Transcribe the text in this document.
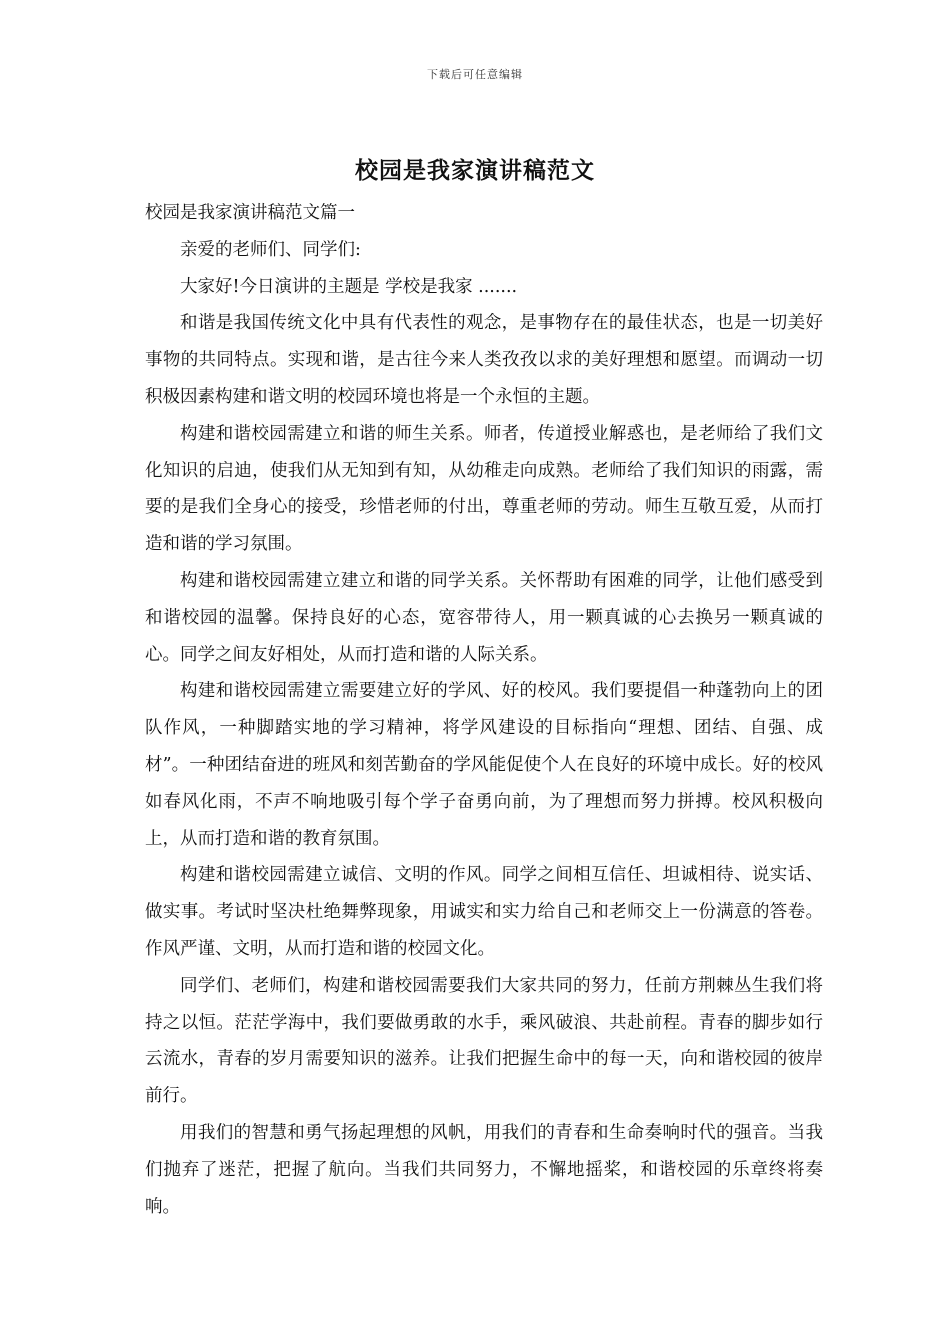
下载后可任意编辑
校园是我家演讲稿范文

校园是我家演讲稿范文篇一

亲爱的老师们、同学们:

大家好!今日演讲的主题是 学校是我家 .......

和谐是我国传统文化中具有代表性的观念，是事物存在的最佳状态，也是一切美好事物的共同特点。实现和谐，是古往今来人类孜孜以求的美好理想和愿望。而调动一切积极因素构建和谐文明的校园环境也将是一个永恒的主题。

构建和谐校园需建立和谐的师生关系。师者，传道授业解惑也，是老师给了我们文化知识的启迪，使我们从无知到有知，从幼稚走向成熟。老师给了我们知识的雨露，需要的是我们全身心的接受，珍惜老师的付出，尊重老师的劳动。师生互敬互爱，从而打造和谐的学习氛围。

构建和谐校园需建立建立和谐的同学关系。关怀帮助有困难的同学，让他们感受到和谐校园的温馨。保持良好的心态，宽容带待人，用一颗真诚的心去换另一颗真诚的心。同学之间友好相处，从而打造和谐的人际关系。

构建和谐校园需建立需要建立好的学风、好的校风。我们要提倡一种蓬勃向上的团队作风，一种脚踏实地的学习精神，将学风建设的目标指向“理想、团结、自强、成材”。一种团结奋进的班风和刻苦勤奋的学风能促使个人在良好的环境中成长。好的校风如春风化雨，不声不响地吸引每个学子奋勇向前，为了理想而努力拼搏。校风积极向上，从而打造和谐的教育氛围。

构建和谐校园需建立诚信、文明的作风。同学之间相互信任、坦诚相待、说实话、做实事。考试时坚决杜绝舞弊现象，用诚实和实力给自己和老师交上一份满意的答卷。作风严谨、文明，从而打造和谐的校园文化。

同学们、老师们，构建和谐校园需要我们大家共同的努力，任前方荆棘丛生我们将持之以恒。茫茫学海中，我们要做勇敢的水手，乘风破浪、共赴前程。青春的脚步如行云流水，青春的岁月需要知识的滋养。让我们把握生命中的每一天，向和谐校园的彼岸前行。

用我们的智慧和勇气扬起理想的风帆，用我们的青春和生命奏响时代的强音。当我们抛弃了迷茫，把握了航向。当我们共同努力，不懈地摇桨，和谐校园的乐章终将奏响。
